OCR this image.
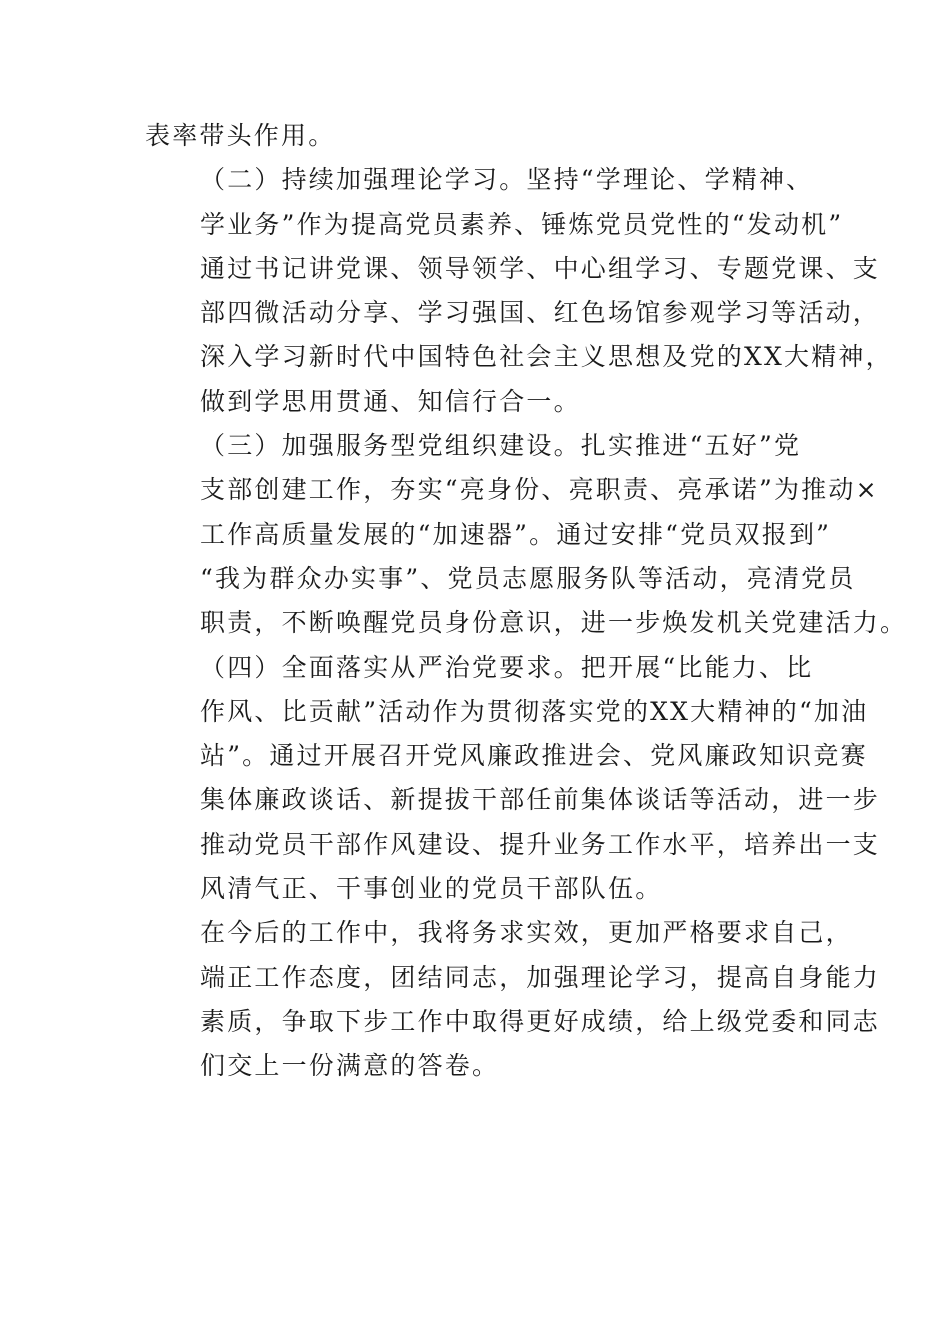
表率带头作用。

（二）持续加强理论学习。坚持“学理论、学精神、
学业务”作为提高党员素养、锤炼党员党性的“发动机”
通过书记讲党课、领导领学、中心组学习、专题党课、支
部四微活动分享、学习强国、红色场馆参观学习等活动，
深入学习新时代中国特色社会主义思想及党的XX大精神，
做到学思用贯通、知信行合一。

（三）加强服务型党组织建设。扎实推进“五好”党
支部创建工作，夯实“亮身份、亮职责、亮承诺”为推动×
工作高质量发展的“加速器”。通过安排“党员双报到”
“我为群众办实事”、党员志愿服务队等活动，亮清党员
职责，不断唤醒党员身份意识，进一步焕发机关党建活力。

（四）全面落实从严治党要求。把开展“比能力、比
作风、比贡献”活动作为贯彻落实党的XX大精神的“加油
站”。通过开展召开党风廉政推进会、党风廉政知识竞赛
集体廉政谈话、新提拔干部任前集体谈话等活动，进一步
推动党员干部作风建设、提升业务工作水平，培养出一支
风清气正、干事创业的党员干部队伍。

在今后的工作中，我将务求实效，更加严格要求自己，
端正工作态度，团结同志，加强理论学习，提高自身能力
素质，争取下步工作中取得更好成绩，给上级党委和同志
们交上一份满意的答卷。
